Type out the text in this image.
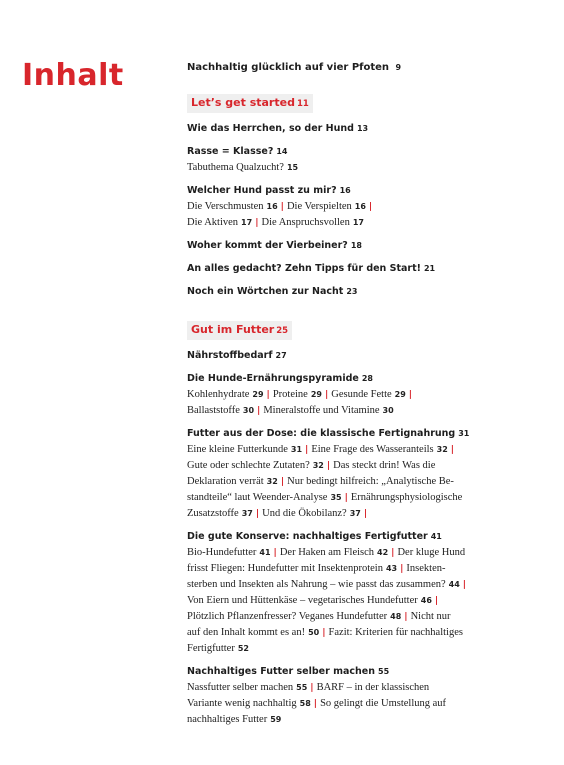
Inhalt	Nachhaltig glücklich auf vier Pfoten 9
Let’s get started 11

Wie das Herrchen, so der Hund 13
Rasse = Klasse? 14
Tabuthema Qualzucht? 15
Welcher Hund passt zu mir? 16
Die Verschmusten 16 | Die Verspielten 16 |
Die Aktiven 17 | Die Anspruchsvollen 17
Woher kommt der Vierbeiner? 18
An alles gedacht? Zehn Tipps für den Start! 21
Noch ein Wörtchen zur Nacht 23
Gut im Futter 25

Nährstoffbedarf 27
Die Hunde-Ernährungspyramide 28
Kohlenhydrate 29 | Proteine 29 | Gesunde Fette 29 |
Ballaststoffe 30 | Mineralstoffe und Vitamine 30
Futter aus der Dose: die klassische Fertignahrung 31
Eine kleine Futterkunde 31 | Eine Frage des Wasseranteils 32 |
Gute oder schlechte Zutaten? 32 | Das steckt drin! Was die
Deklaration verrät 32 | Nur bedingt hilfreich: „Analytische Be-
standteile“ laut Weender-Analyse 35 | Ernährungsphysiologische
Zusatzstoffe 37 | Und die Ökobilanz? 37 |
Die gute Konserve: nachhaltiges Fertigfutter 41
Bio-Hundefutter 41 | Der Haken am Fleisch 42 | Der kluge Hund
frisst Fliegen: Hundefutter mit Insektenprotein 43 | Insekten-
sterben und Insekten als Nahrung – wie passt das zusammen? 44 |
Von Eiern und Hüttenkäse – vegetarisches Hundefutter 46 |
Plötzlich Pflanzenfresser? Veganes Hundefutter 48 | Nicht nur
auf den Inhalt kommt es an! 50 | Fazit: Kriterien für nachhaltiges
Fertigfutter 52
Nachhaltiges Futter selber machen 55
Nassfutter selber machen 55 | BARF – in der klassischen
Variante wenig nachhaltig 58 | So gelingt die Umstellung auf
nachhaltiges Futter 59
